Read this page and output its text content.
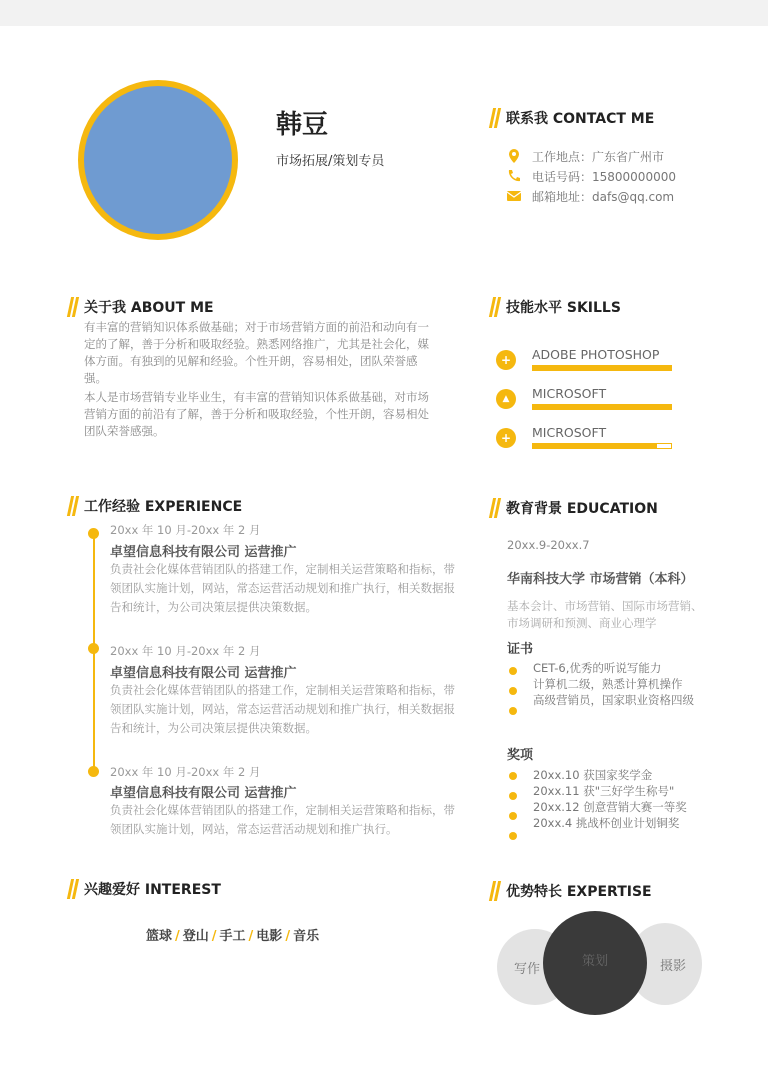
韩豆
市场拓展/策划专员
联系我 CONTACT ME
工作地点：广东省广州市
电话号码：15800000000
邮箱地址：dafs@qq.com
关于我 ABOUT ME
有丰富的营销知识体系做基础；对于市场营销方面的前沿和动向有一定的了解，善于分析和吸取经验。熟悉网络推广，尤其是社会化，媒体方面。有独到的见解和经验。个性开朗，容易相处，团队荣誉感强。
本人是市场营销专业毕业生，有丰富的营销知识体系做基础，对市场营销方面的前沿有了解，善于分析和吸取经验，个性开朗，容易相处团队荣誉感强。
技能水平 SKILLS
+	ADOBE PHOTOSHOP
▲	MICROSOFT
+	MICROSOFT
工作经验 EXPERIENCE
20xx 年 10 月-20xx 年 2 月
卓望信息科技有限公司 运营推广
负责社会化媒体营销团队的搭建工作，定制相关运营策略和指标，带领团队实施计划，网站，常态运营活动规划和推广执行，相关数据报告和统计，为公司决策层提供决策数据。
20xx 年 10 月-20xx 年 2 月
卓望信息科技有限公司 运营推广
负责社会化媒体营销团队的搭建工作，定制相关运营策略和指标，带领团队实施计划，网站，常态运营活动规划和推广执行，相关数据报告和统计，为公司决策层提供决策数据。
20xx 年 10 月-20xx 年 2 月
卓望信息科技有限公司 运营推广
负责社会化媒体营销团队的搭建工作，定制相关运营策略和指标，带领团队实施计划，网站，常态运营活动规划和推广执行。
教育背景 EDUCATION
20xx.9-20xx.7
华南科技大学 市场营销（本科）
基本会计、市场营销、国际市场营销、市场调研和预测、商业心理学
证书
CET-6,优秀的听说写能力
计算机二级，熟悉计算机操作
高级营销员，国家职业资格四级
奖项
20xx.10 获国家奖学金
20xx.11 获"三好学生称号"
20xx.12 创意营销大赛一等奖
20xx.4 挑战杯创业计划铜奖
兴趣爱好 INTEREST
篮球 / 登山 / 手工 / 电影 / 音乐
优势特长 EXPERTISE
写作	摄影
策划
